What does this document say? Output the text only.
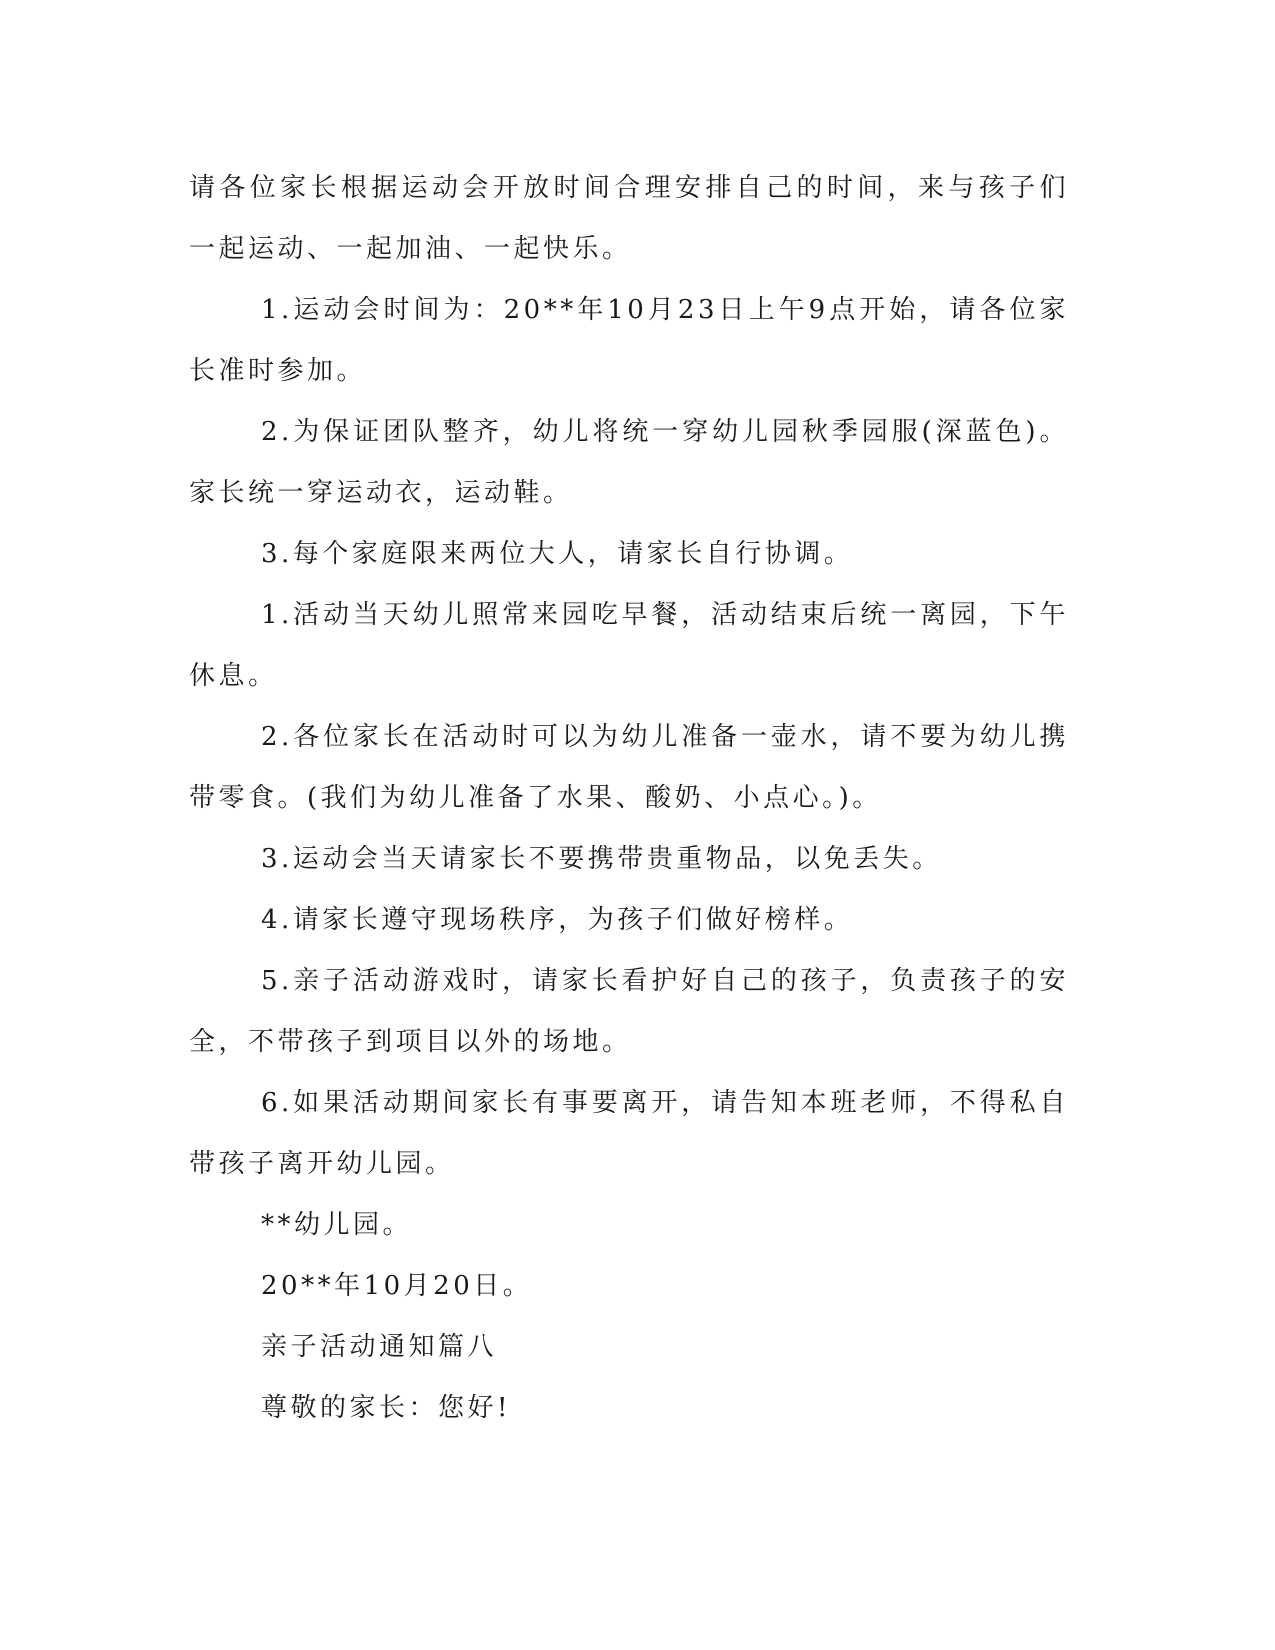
请各位家长根据运动会开放时间合理安排自己的时间，来与孩子们一起运动、一起加油、一起快乐。

1.运动会时间为：20**年10月23日上午9点开始，请各位家长准时参加。

2.为保证团队整齐，幼儿将统一穿幼儿园秋季园服(深蓝色)。家长统一穿运动衣，运动鞋。

3.每个家庭限来两位大人，请家长自行协调。

1.活动当天幼儿照常来园吃早餐，活动结束后统一离园，下午休息。

2.各位家长在活动时可以为幼儿准备一壶水，请不要为幼儿携带零食。(我们为幼儿准备了水果、酸奶、小点心。)。

3.运动会当天请家长不要携带贵重物品，以免丢失。

4.请家长遵守现场秩序，为孩子们做好榜样。

5.亲子活动游戏时，请家长看护好自己的孩子，负责孩子的安全，不带孩子到项目以外的场地。

6.如果活动期间家长有事要离开，请告知本班老师，不得私自带孩子离开幼儿园。

**幼儿园。

20**年10月20日。

亲子活动通知篇八

尊敬的家长：您好!
